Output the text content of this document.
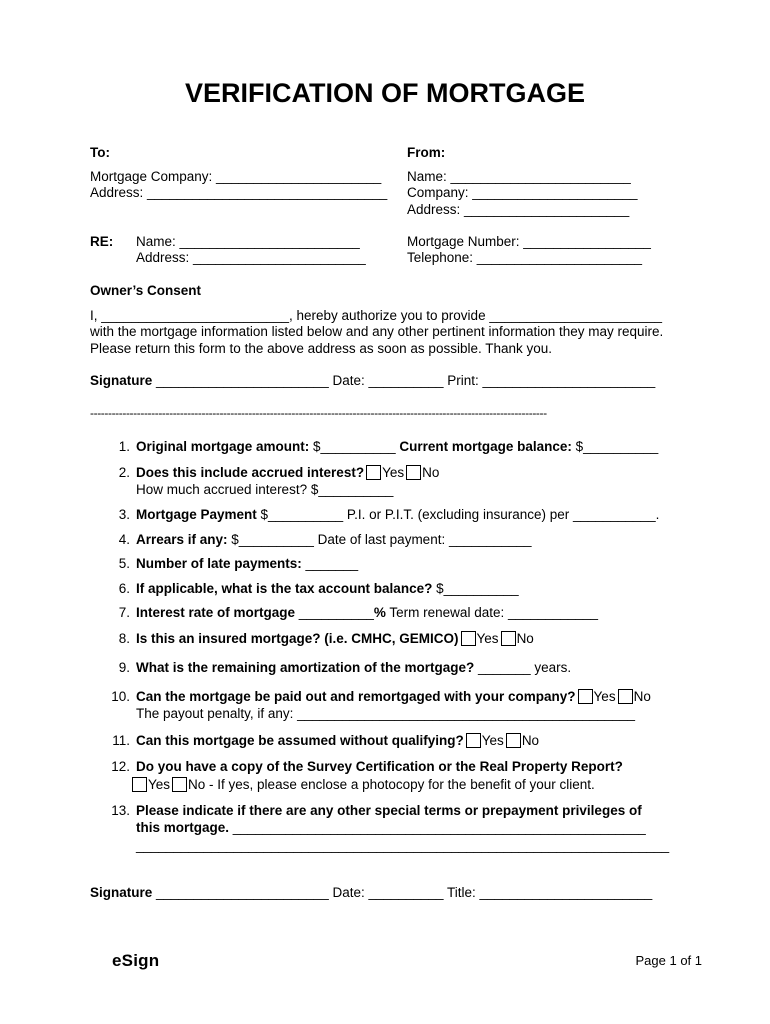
VERIFICATION OF MORTGAGE
To:
Mortgage Company: ______________________
Address: ________________________________
From:
Name: ________________________
Company: ______________________
Address: ______________________
RE: Name: ________________________
Address: _______________________
Mortgage Number: _________________
Telephone: ______________________
Owner’s Consent
I, _________________________, hereby authorize you to provide _______________________
with the mortgage information listed below and any other pertinent information they may require.
Please return this form to the above address as soon as possible. Thank you.
Signature _______________________ Date: __________ Print: _______________________
-------------------------------------------------------------------------------------------------------------------------------
1. Original mortgage amount: $__________ Current mortgage balance: $__________
2. Does this include accrued interest? Yes No
How much accrued interest? $__________
3. Mortgage Payment $__________ P.I. or P.I.T. (excluding insurance) per ___________.
4. Arrears if any: $__________ Date of last payment: ___________
5. Number of late payments: _______
6. If applicable, what is the tax account balance? $__________
7. Interest rate of mortgage __________% Term renewal date: ____________
8. Is this an insured mortgage? (i.e. CMHC, GEMICO) Yes No
9. What is the remaining amortization of the mortgage? _______ years.
10. Can the mortgage be paid out and remortgaged with your company? Yes No
The payout penalty, if any: _____________________________________________
11. Can this mortgage be assumed without qualifying? Yes No
12. Do you have a copy of the Survey Certification or the Real Property Report?
Yes No - If yes, please enclose a photocopy for the benefit of your client.
13. Please indicate if there are any other special terms or prepayment privileges of
this mortgage. _______________________________________________________
_______________________________________________________________________
Signature _______________________ Date: __________ Title: _______________________
eSign	Page 1 of 1
